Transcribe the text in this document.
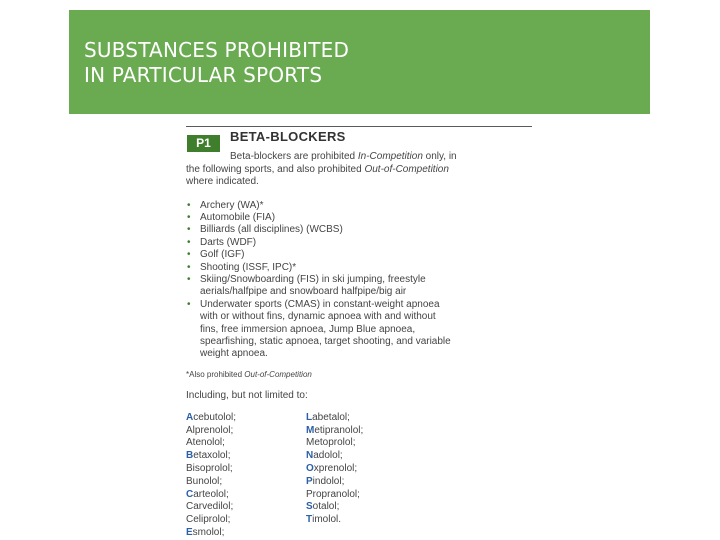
SUBSTANCES PROHIBITED
IN PARTICULAR SPORTS
P1	BETA-BLOCKERS

Beta-blockers are prohibited In-Competition only, in

the following sports, and also prohibited Out-of-Competition

where indicated.

• Archery (WA)*
• Automobile (FIA)
• Billiards (all disciplines) (WCBS)
• Darts (WDF)
• Golf (IGF)
• Shooting (ISSF, IPC)*
• Skiing/Snowboarding (FIS) in ski jumping, freestyle
aerials/halfpipe and snowboard halfpipe/big air
• Underwater sports (CMAS) in constant-weight apnoea
with or without fins, dynamic apnoea with and without
fins, free immersion apnoea, Jump Blue apnoea,
spearfishing, static apnoea, target shooting, and variable
weight apnoea.

*Also prohibited Out-of-Competition

Including, but not limited to:

Acebutolol;
Alprenolol;
Atenolol;
Betaxolol;
Bisoprolol;
Bunolol;
Carteolol;
Carvedilol;
Celiprolol;
Esmolol;
Labetalol;
Metipranolol;
Metoprolol;
Nadolol;
Oxprenolol;
Pindolol;
Propranolol;
Sotalol;
Timolol.
